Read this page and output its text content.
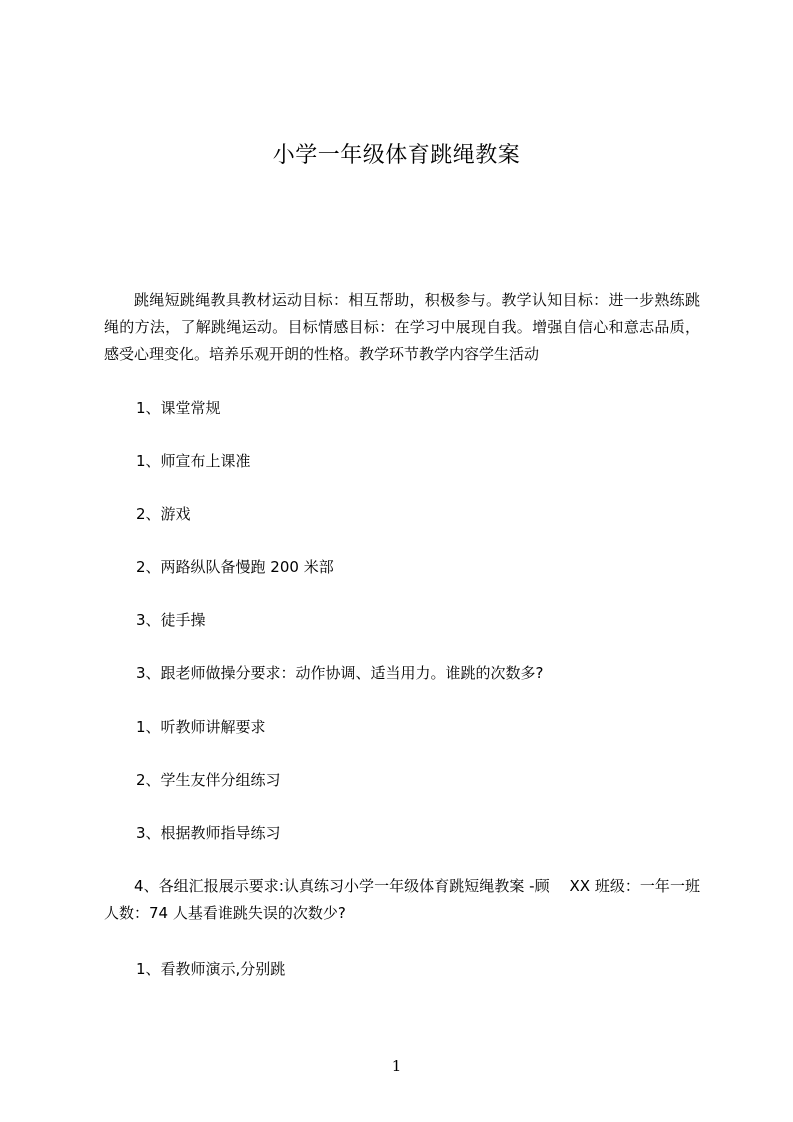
小学一年级体育跳绳教案

跳绳短跳绳教具教材运动目标：相互帮助，积极参与。教学认知目标：进一步熟练跳绳的方法，了解跳绳运动。目标情感目标：在学习中展现自我。增强自信心和意志品质，感受心理变化。培养乐观开朗的性格。教学环节教学内容学生活动

1、课堂常规

1、师宣布上课准

2、游戏

2、两路纵队备慢跑 200 米部

3、徒手操

3、跟老师做操分要求：动作协调、适当用力。谁跳的次数多?

1、听教师讲解要求

2、学生友伴分组练习

3、根据教师指导练习

4、各组汇报展示要求:认真练习小学一年级体育跳短绳教案 -顾　 XX 班级：一年一班人数：74 人基看谁跳失误的次数少?

1、看教师演示,分别跳

1
